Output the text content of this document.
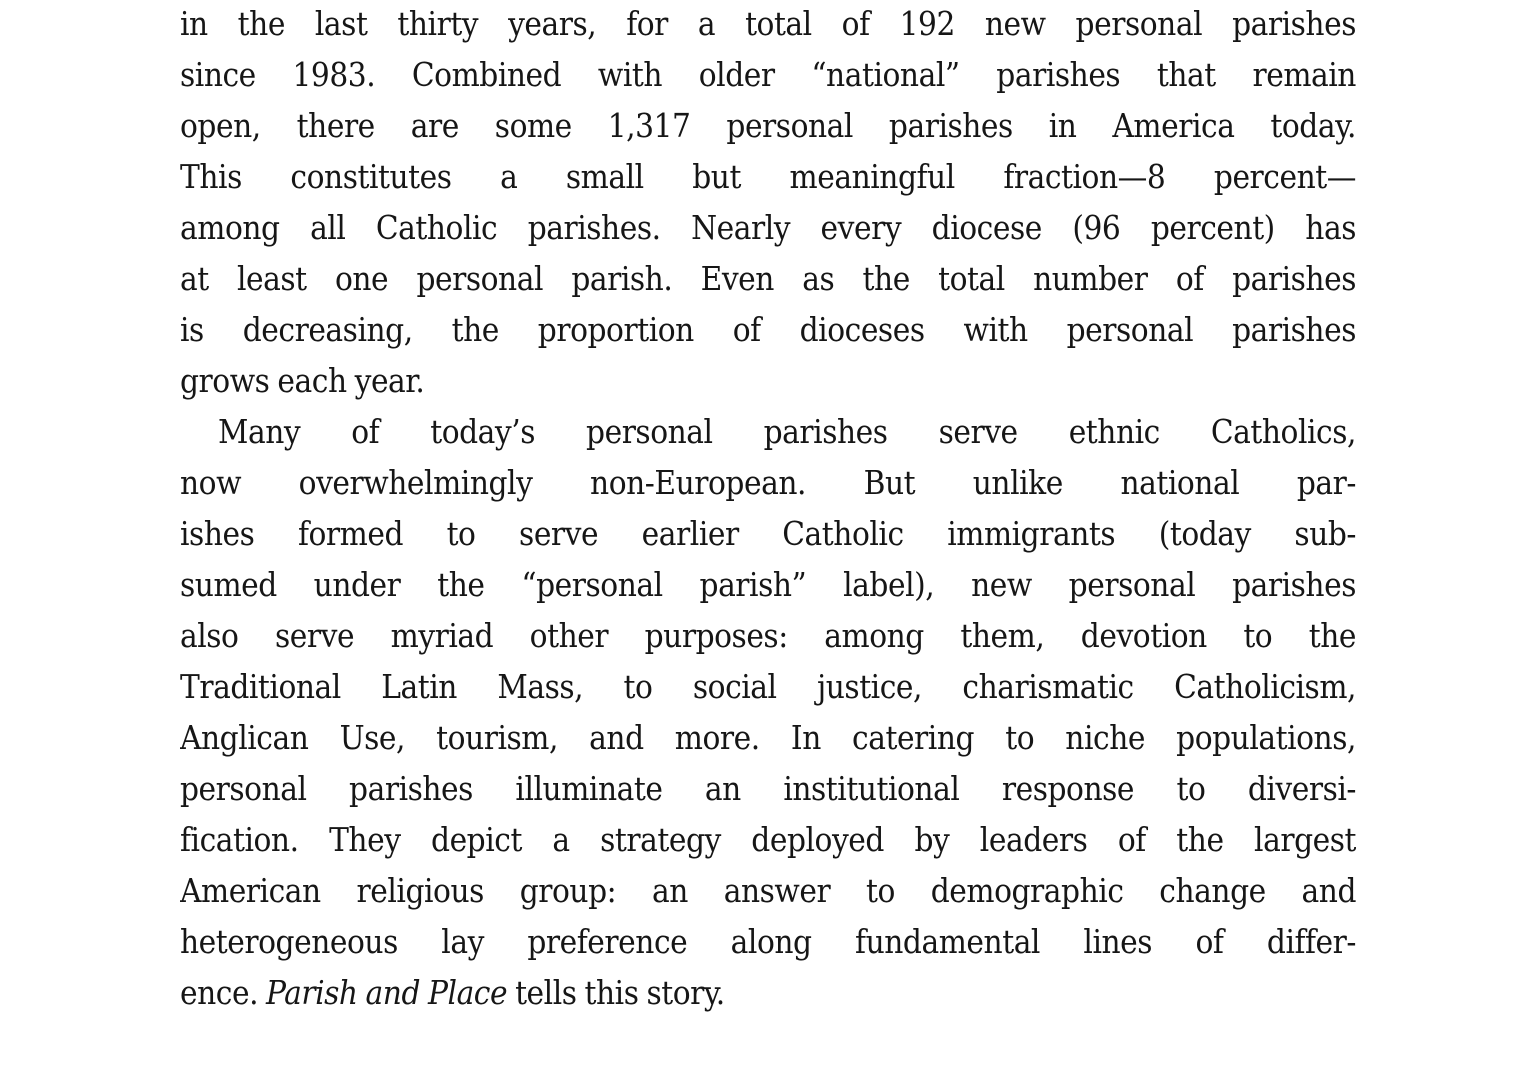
in the last thirty years, for a total of 192 new personal parishes
since 1983. Combined with older “national” parishes that remain
open, there are some 1,317 personal parishes in America today.
This constitutes a small but meaningful fraction—8 percent—
among all Catholic parishes. Nearly every diocese (96 percent) has
at least one personal parish. Even as the total number of parishes
is decreasing, the proportion of dioceses with personal parishes
grows each year.

Many of today’s personal parishes serve ethnic Catholics,
now overwhelmingly non-European. But unlike national par-
ishes formed to serve earlier Catholic immigrants (today sub-
sumed under the “personal parish” label), new personal parishes
also serve myriad other purposes: among them, devotion to the
Traditional Latin Mass, to social justice, charismatic Catholicism,
Anglican Use, tourism, and more. In catering to niche populations,
personal parishes illuminate an institutional response to diversi-
fication. They depict a strategy deployed by leaders of the largest
American religious group: an answer to demographic change and
heterogeneous lay preference along fundamental lines of differ-
ence. Parish and Place tells this story.
